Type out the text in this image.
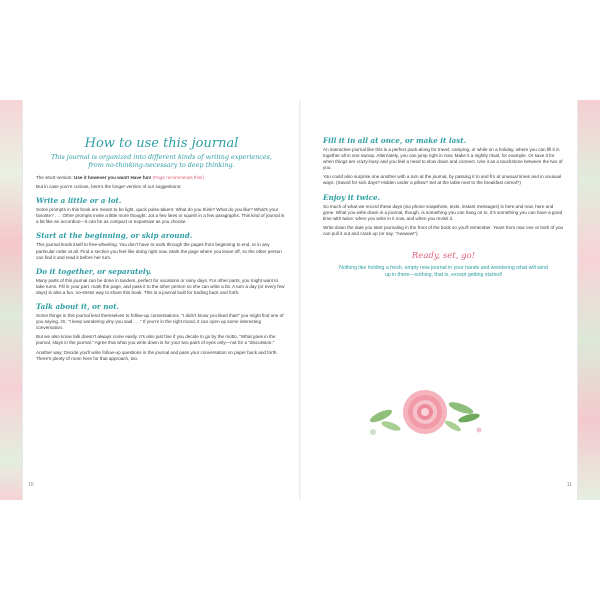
How to use this journal
This journal is organized into different kinds of writing experiences, from no-thinking-necessary to deep thinking.
The short version: Use it however you want! Have fun! (Page recommends this!)
But in case you're curious, here's the longer version of our suggestions:
Write a little or a lot.
Some prompts in this book are meant to be light, quick pulse-takers: What do you think? What do you like? What's your favorite? . . . Other prompts invite a little more thought. Jot a few lines or squish in a few paragraphs. This kind of journal is a bit like an accordion—it can be as compact or expansive as you choose.
Start at the beginning, or skip around.
This journal lends itself to free-wheeling. You don't have to work through the pages from beginning to end, or in any particular order at all. Find a section you feel like doing right now. Mark the page where you leave off, so the other person can find it and read it before her turn.
Do it together, or separately.
Many parts of this journal can be done in tandem, perfect for vacations or rainy days. For other parts, you might want to take turns. Fill in your part, mark the page, and pass it to the other person so she can write a bit. A turn a day (or every few days) is also a fun, no-stress way to share this book. This is a journal built for trading back and forth.
Talk about it, or not.
Some things in this journal lend themselves to follow-up conversations. "I didn't know you liked that!" you might find one of you saying. Or, "I keep wondering why you said . . ." If you're in the right mood, it can open up some interesting conversation.
But we also know talk doesn't always come easily. It's also just fine if you decide to go by the motto, "What goes in the journal, stays in the journal." Agree that what you write down is for your two pairs of eyes only—not for a "discussion."
Another way: Decide you'll write follow-up questions in the journal and pass your conversation on paper back and forth. There's plenty of room here for that approach, too.
10
Fill it in all at once, or make it last.
An interactive journal like this is a perfect pack-along for travel, camping, or while on a holiday, where you can fill it in together all in one swoop. Alternately, you can jump right in now. Make it a nightly ritual, for example. Or save it for when things are crazy-busy and you feel a need to slow down and connect. Use it as a touchstone between the two of you.
You could also surprise one another with a turn at the journal, by passing it to and fro at unusual times and in unusual ways. (Saved for sick days? Hidden under a pillow? Set at the table next to the breakfast cereal?)
Enjoy it twice.
So much of what we record these days (via phone snapshots, texts, instant messages) is here and now, here and gone. What you write down in a journal, though, is something you can hang on to. It's something you can have a good time with twice: when you write in it now, and when you revisit it.
Write down the date you start journaling in the front of the book so you'll remember. Years from now one or both of you can pull it out and crack up (or say, "Awwww!").
Ready, set, go!
Nothing like holding a fresh, empty new journal in your hands and wondering what will wind up in there—nothing, that is, except getting started!
11
